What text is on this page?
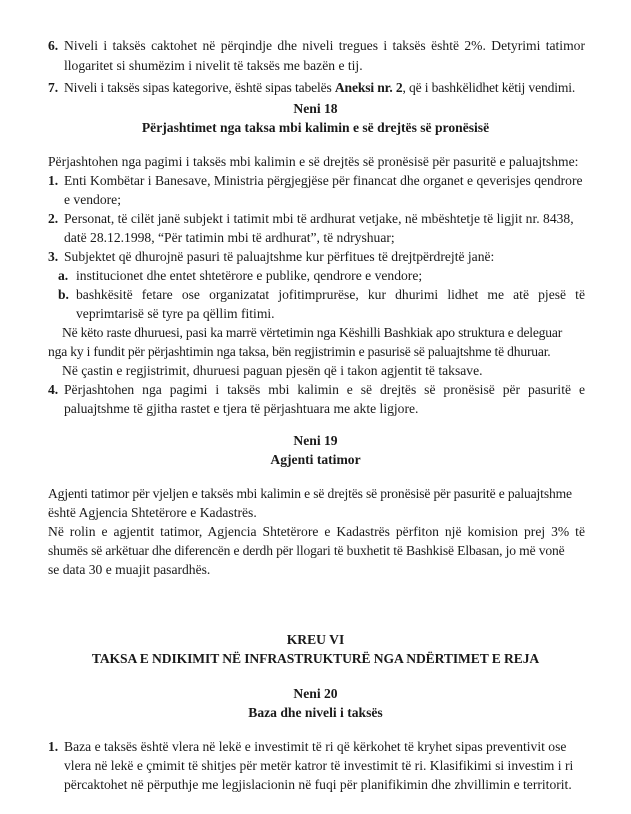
6. Niveli i taksës caktohet në përqindje dhe niveli tregues i taksës është 2%. Detyrimi tatimor
llogaritet si shumëzim i nivelit të taksës me bazën e tij.
7. Niveli i taksës sipas kategorive, është sipas tabelës Aneksi nr. 2, që i bashkëlidhet këtij vendimi.
Neni 18
Përjashtimet nga taksa mbi kalimin e së drejtës së pronësisë
Përjashtohen nga pagimi i taksës mbi kalimin e së drejtës së pronësisë për pasuritë e paluajtshme:
1. Enti Kombëtar i Banesave, Ministria përgjegjëse për financat dhe organet e qeverisjes qendrore
e vendore;
2. Personat, të cilët janë subjekt i tatimit mbi të ardhurat vetjake, në mbështetje të ligjit nr. 8438,
datë 28.12.1998, “Për tatimin mbi të ardhurat”, të ndryshuar;
3. Subjektet që dhurojnë pasuri të paluajtshme kur përfitues të drejtpërdrejtë janë:
a. institucionet dhe entet shtetërore e publike, qendrore e vendore;
b. bashkësitë fetare ose organizatat jofitimprurëse, kur dhurimi lidhet me atë pjesë të
veprimtarisë së tyre pa qëllim fitimi.
Në këto raste dhuruesi, pasi ka marrë vërtetimin nga Këshilli Bashkiak apo struktura e deleguar
nga ky i fundit për përjashtimin nga taksa, bën regjistrimin e pasurisë së paluajtshme të dhuruar.
Në çastin e regjistrimit, dhuruesi paguan pjesën që i takon agjentit të taksave.
4. Përjashtohen nga pagimi i taksës mbi kalimin e së drejtës së pronësisë për pasuritë e
paluajtshme të gjitha rastet e tjera të përjashtuara me akte ligjore.
Neni 19
Agjenti tatimor
Agjenti tatimor për vjeljen e taksës mbi kalimin e së drejtës së pronësisë për pasuritë e paluajtshme
është Agjencia Shtetërore e Kadastrës.
Në rolin e agjentit tatimor, Agjencia Shtetërore e Kadastrës përfiton një komision prej 3% të
shumës së arkëtuar dhe diferencën e derdh për llogari të buxhetit të Bashkisë Elbasan, jo më vonë
se data 30 e muajit pasardhës.
KREU VI
TAKSA E NDIKIMIT NË INFRASTRUKTURË NGA NDËRTIMET E REJA
Neni 20
Baza dhe niveli i taksës
1. Baza e taksës është vlera në lekë e investimit të ri që kërkohet të kryhet sipas preventivit ose
vlera në lekë e çmimit të shitjes për metër katror të investimit të ri. Klasifikimi si investim i ri
përcaktohet në përputhje me legjislacionin në fuqi për planifikimin dhe zhvillimin e territorit.
